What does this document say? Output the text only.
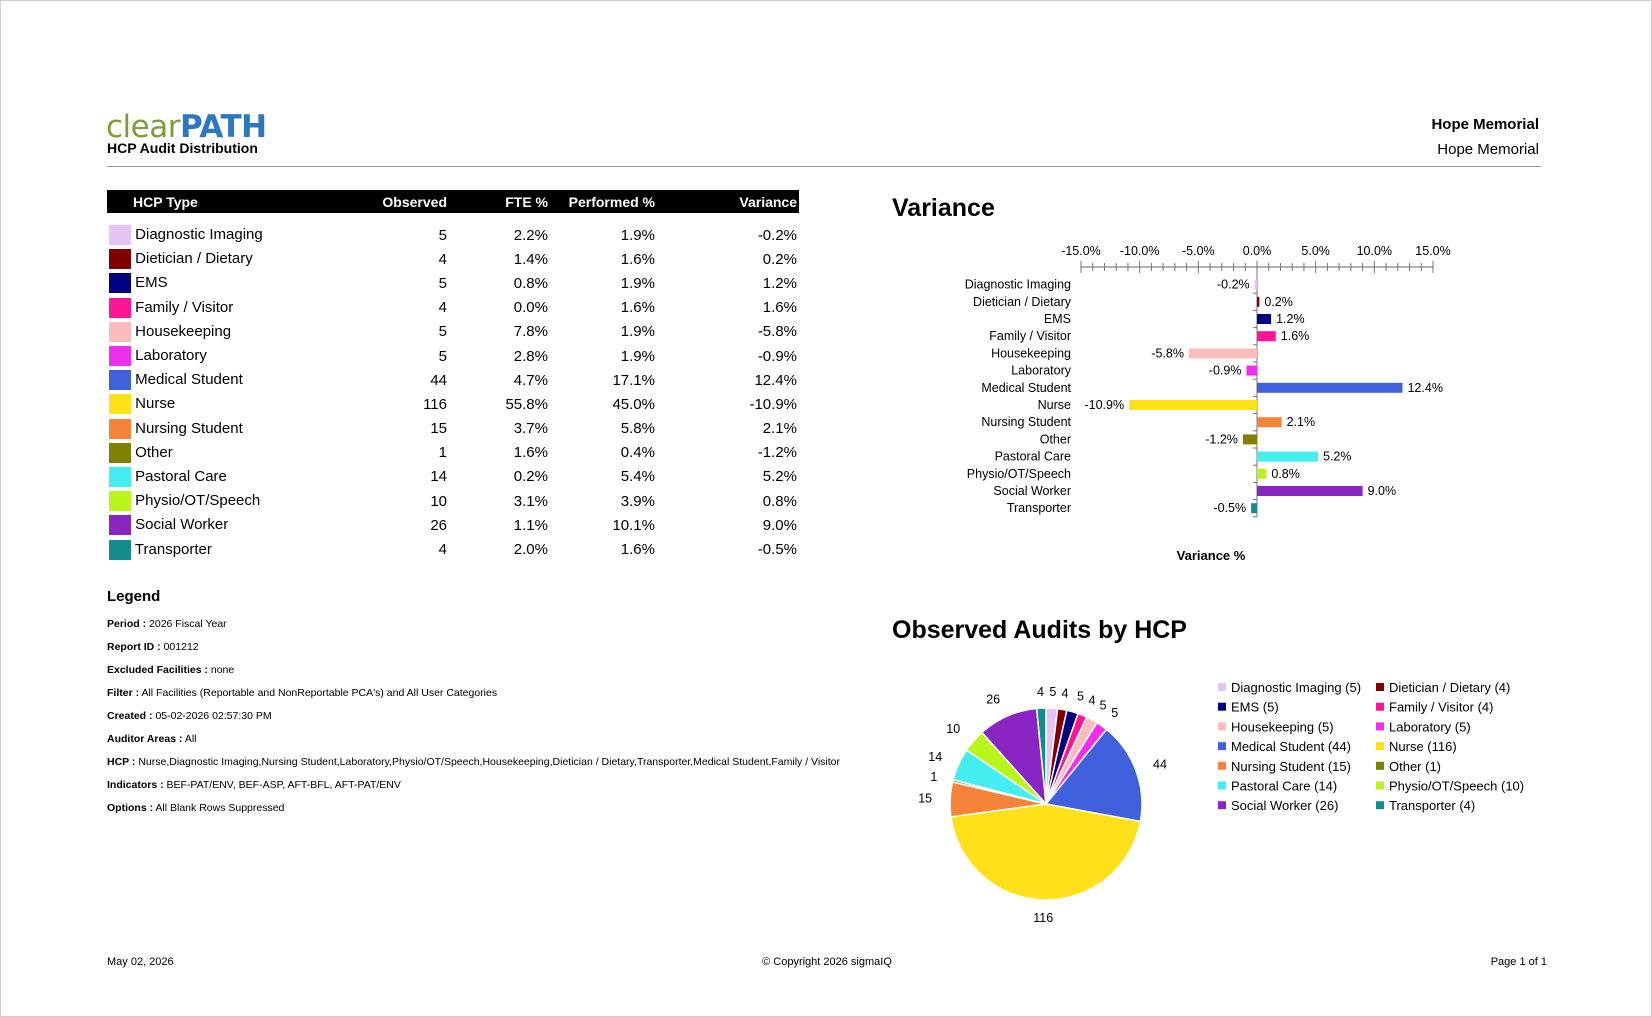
clearPATH
HCP Audit Distribution
Hope Memorial
Hope Memorial
HCP Type	Observed	FTE %	Performed %	Variance

Diagnostic Imaging	5	2.2%	1.9%	-0.2%
Dietician / Dietary	4	1.4%	1.6%	0.2%
EMS	5	0.8%	1.9%	1.2%
Family / Visitor	4	0.0%	1.6%	1.6%
Housekeeping	5	7.8%	1.9%	-5.8%
Laboratory	5	2.8%	1.9%	-0.9%
Medical Student	44	4.7%	17.1%	12.4%
Nurse	116	55.8%	45.0%	-10.9%
Nursing Student	15	3.7%	5.8%	2.1%
Other	1	1.6%	0.4%	-1.2%
Pastoral Care	14	0.2%	5.4%	5.2%
Physio/OT/Speech	10	3.1%	3.9%	0.8%
Social Worker	26	1.1%	10.1%	9.0%
Transporter	4	2.0%	1.6%	-0.5%
Legend
Period : 2026 Fiscal Year
Report ID : 001212
Excluded Facilities : none
Filter : All Facilities (Reportable and NonReportable PCA's) and All User Categories
Created : 05-02-2026 02:57:30 PM
Auditor Areas : All
HCP : Nurse,Diagnostic Imaging,Nursing Student,Laboratory,Physio/OT/Speech,Housekeeping,Dietician / Dietary,Transporter,Medical Student,Family / Visitor
Indicators : BEF-PAT/ENV, BEF-ASP, AFT-BFL, AFT-PAT/ENV
Options : All Blank Rows Suppressed
Variance
-15.0% -10.0% -5.0% 0.0% 5.0% 10.0% 15.0%
Diagnostic Imaging	-0.2%
Dietician / Dietary	0.2%
EMS	1.2%
Family / Visitor	1.6%
Housekeeping	-5.8%
Laboratory	-0.9%
Medical Student	12.4%
Nurse -10.9%
Nursing Student	2.1%
Other	-1.2%
Pastoral Care	5.2%
Physio/OT/Speech	0.8%
Social Worker	9.0%
Transporter	-0.5%
Variance %
Observed Audits by HCP
5 4 5 4 5
5
44
116
15
1
14
10
26
4	Diagnostic Imaging (5) Dietician / Dietary (4)
EMS (5)	Family / Visitor (4)
Housekeeping (5)	Laboratory (5)
Medical Student (44)	Nurse (116)
Nursing Student (15)	Other (1)
Pastoral Care (14)	Physio/OT/Speech (10)
Social Worker (26)	Transporter (4)
May 02, 2026	© Copyright 2026 sigmaIQ	Page 1 of 1
